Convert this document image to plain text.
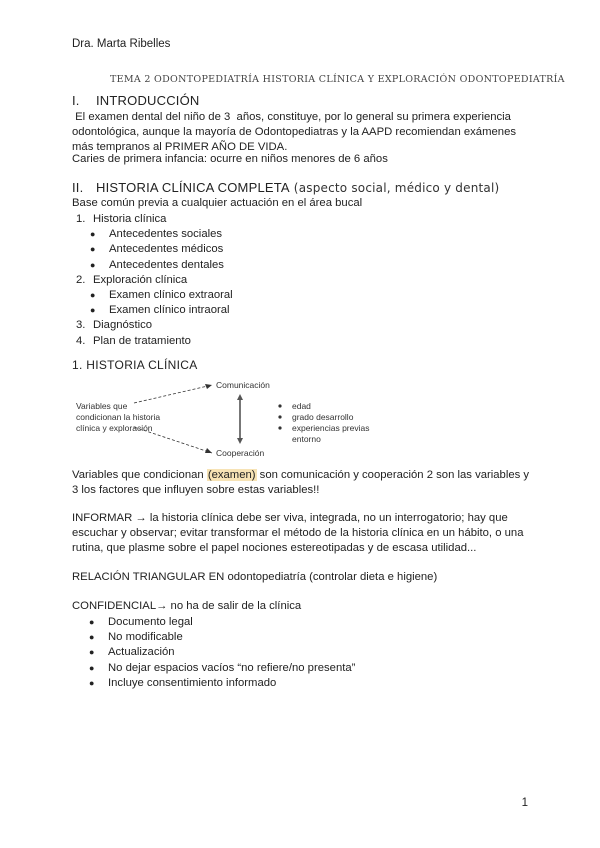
Dra. Marta Ribelles
TEMA 2 ODONTOPEDIATRÍA HISTORIA CLÍNICA Y EXPLORACIÓN ODONTOPEDIATRÍA
I. INTRODUCCIÓN
El examen dental del niño de 3  años, constituye, por lo general su primera experiencia
odontológica, aunque la mayoría de Odontopediatras y la AAPD recomiendan exámenes
más tempranos al PRIMER AÑO DE VIDA.
Caries de primera infancia: ocurre en niños menores de 6 años
II. HISTORIA CLÍNICA COMPLETA (aspecto social, médico y dental)
Base común previa a cualquier actuación en el área bucal
1. Historia clínica
● Antecedentes sociales
● Antecedentes médicos
● Antecedentes dentales
2. Exploración clínica
● Examen clínico extraoral
● Examen clínico intraoral
3. Diagnóstico
4. Plan de tratamiento
1. HISTORIA CLÍNICA
Variables que
condicionan la historia
clínica y exploración
Comunicación
Cooperación
edad
grado desarrollo
experiencias previas
entorno
Variables que condicionan (examen) son comunicación y cooperación 2 son las variables y
3 los factores que influyen sobre estas variables!!
INFORMAR → la historia clínica debe ser viva, integrada, no un interrogatorio; hay que
escuchar y observar; evitar transformar el método de la historia clínica en un hábito, o una
rutina, que plasme sobre el papel nociones estereotipadas y de escasa utilidad...
RELACIÓN TRIANGULAR EN odontopediatría (controlar dieta e higiene)
CONFIDENCIAL→ no ha de salir de la clínica
● Documento legal
● No modificable
● Actualización
● No dejar espacios vacíos “no refiere/no presenta”
● Incluye consentimiento informado
1
